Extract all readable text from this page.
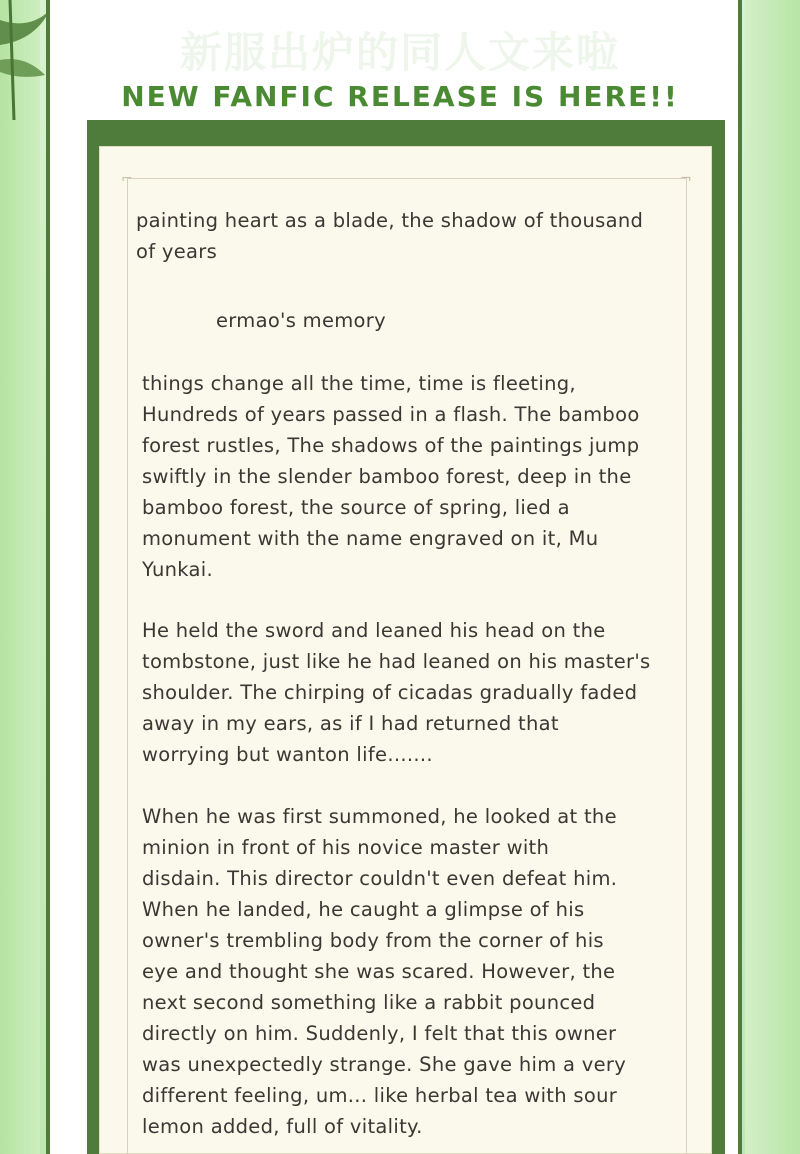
新服出炉的同人文来啦
NEW FANFIC RELEASE IS HERE!!
⌐	¬

painting heart as a blade, the shadow of thousand
of years

ermao's memory

things change all the time, time is fleeting,
Hundreds of years passed in a flash. The bamboo
forest rustles, The shadows of the paintings jump
swiftly in the slender bamboo forest, deep in the
bamboo forest, the source of spring, lied a
monument with the name engraved on it, Mu
Yunkai.

He held the sword and leaned his head on the
tombstone, just like he had leaned on his master's
shoulder. The chirping of cicadas gradually faded
away in my ears, as if I had returned that
worrying but wanton life.......

When he was first summoned, he looked at the
minion in front of his novice master with
disdain. This director couldn't even defeat him.
When he landed, he caught a glimpse of his
owner's trembling body from the corner of his
eye and thought she was scared. However, the
next second something like a rabbit pounced
directly on him. Suddenly, I felt that this owner
was unexpectedly strange. She gave him a very
different feeling, um... like herbal tea with sour
lemon added, full of vitality.
